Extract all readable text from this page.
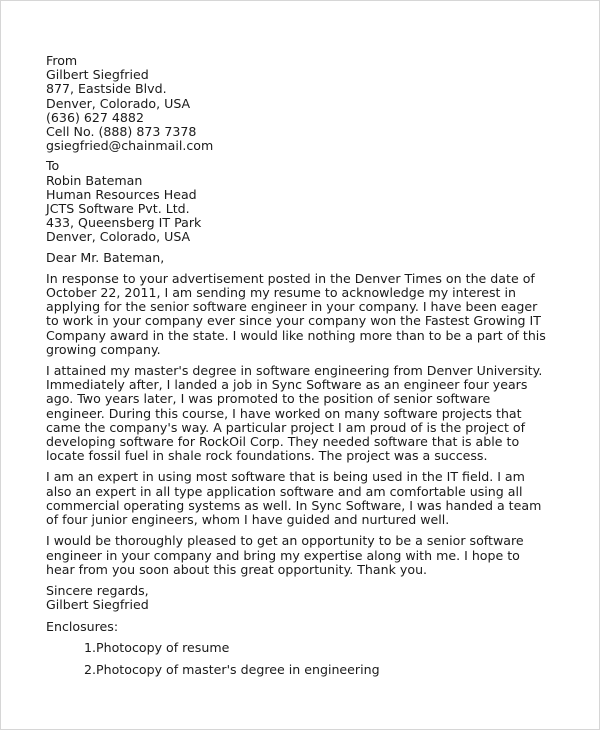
From
Gilbert Siegfried
877, Eastside Blvd.
Denver, Colorado, USA
(636) 627 4882
Cell No. (888) 873 7378
gsiegfried@chainmail.com
To
Robin Bateman
Human Resources Head
JCTS Software Pvt. Ltd.
433, Queensberg IT Park
Denver, Colorado, USA
Dear Mr. Bateman,
In response to your advertisement posted in the Denver Times on the date of
October 22, 2011, I am sending my resume to acknowledge my interest in
applying for the senior software engineer in your company. I have been eager
to work in your company ever since your company won the Fastest Growing IT
Company award in the state. I would like nothing more than to be a part of this
growing company.
I attained my master's degree in software engineering from Denver University.
Immediately after, I landed a job in Sync Software as an engineer four years
ago. Two years later, I was promoted to the position of senior software
engineer. During this course, I have worked on many software projects that
came the company's way. A particular project I am proud of is the project of
developing software for RockOil Corp. They needed software that is able to
locate fossil fuel in shale rock foundations. The project was a success.
I am an expert in using most software that is being used in the IT field. I am
also an expert in all type application software and am comfortable using all
commercial operating systems as well. In Sync Software, I was handed a team
of four junior engineers, whom I have guided and nurtured well.
I would be thoroughly pleased to get an opportunity to be a senior software
engineer in your company and bring my expertise along with me. I hope to
hear from you soon about this great opportunity. Thank you.
Sincere regards,
Gilbert Siegfried
Enclosures:
1.Photocopy of resume
2.Photocopy of master's degree in engineering
